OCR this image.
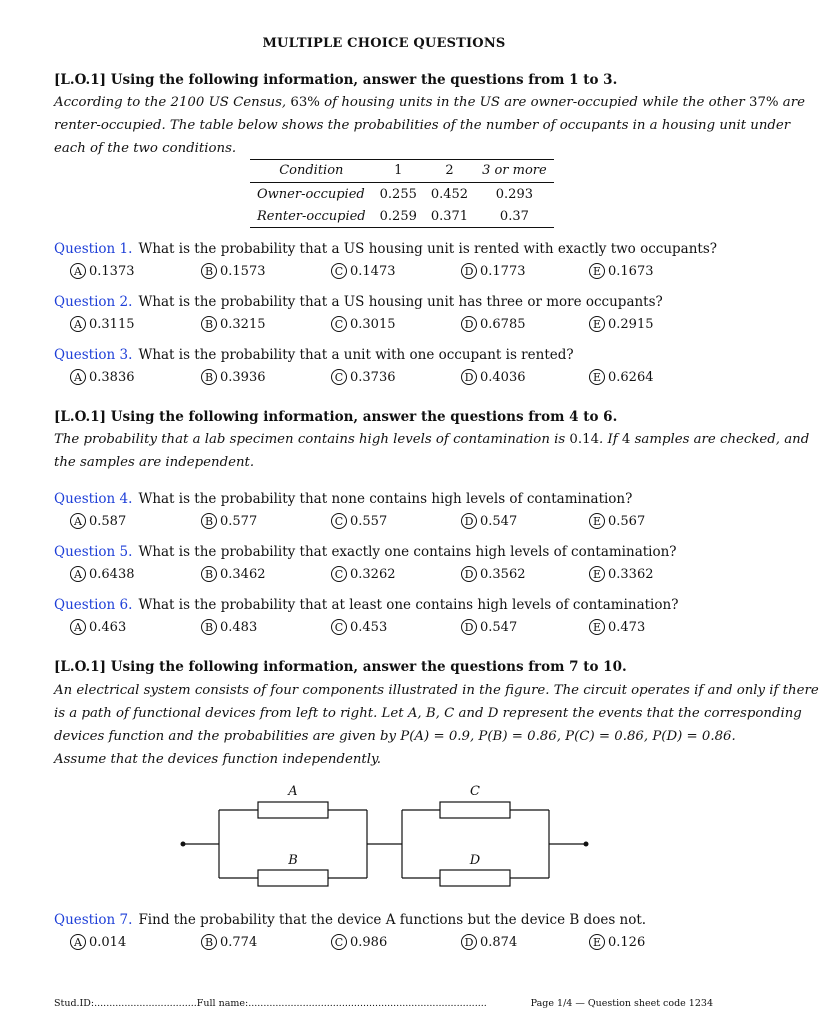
MULTIPLE CHOICE QUESTIONS
[L.O.1] Using the following information, answer the questions from 1 to 3.
According to the 2100 US Census, 63% of housing units in the US are owner-occupied while the other 37% are
renter-occupied. The table below shows the probabilities of the number of occupants in a housing unit under
each of the two conditions.
Condition	1	2	3 or more
Owner-occupied	0.255	0.452	0.293
Renter-occupied	0.259	0.371	0.37
[L.O.1] Using the following information, answer the questions from 4 to 6.
The probability that a lab specimen contains high levels of contamination is 0.14. If 4 samples are checked, and
the samples are independent.
[L.O.1] Using the following information, answer the questions from 7 to 10.
An electrical system consists of four components illustrated in the figure. The circuit operates if and only if there
is a path of functional devices from left to right. Let A, B, C and D represent the events that the corresponding
devices function and the probabilities are given by P(A) = 0.9, P(B) = 0.86, P(C) = 0.86, P(D) = 0.86.
Assume that the devices function independently.
A
B
C
D
Question 1. What is the probability that a US housing unit is rented with exactly two occupants?
A 0.1373	B 0.1573	C 0.1473	D 0.1773	E 0.1673
Question 2. What is the probability that a US housing unit has three or more occupants?
A 0.3115	B 0.3215	C 0.3015	D 0.6785	E 0.2915
Question 3. What is the probability that a unit with one occupant is rented?
A 0.3836	B 0.3936	C 0.3736	D 0.4036	E 0.6264
Question 4. What is the probability that none contains high levels of contamination?
A 0.587	B 0.577	C 0.557	D 0.547	E 0.567
Question 5. What is the probability that exactly one contains high levels of contamination?
A 0.6438	B 0.3462	C 0.3262	D 0.3562	E 0.3362
Question 6. What is the probability that at least one contains high levels of contamination?
A 0.463	B 0.483	C 0.453	D 0.547	E 0.473
Question 7. Find the probability that the device A functions but the device B does not.
A 0.014	B 0.774	C 0.986	D 0.874	E 0.126
Stud.ID:..................................Full name:...............................................................................	Page 1/4 — Question sheet code 1234
